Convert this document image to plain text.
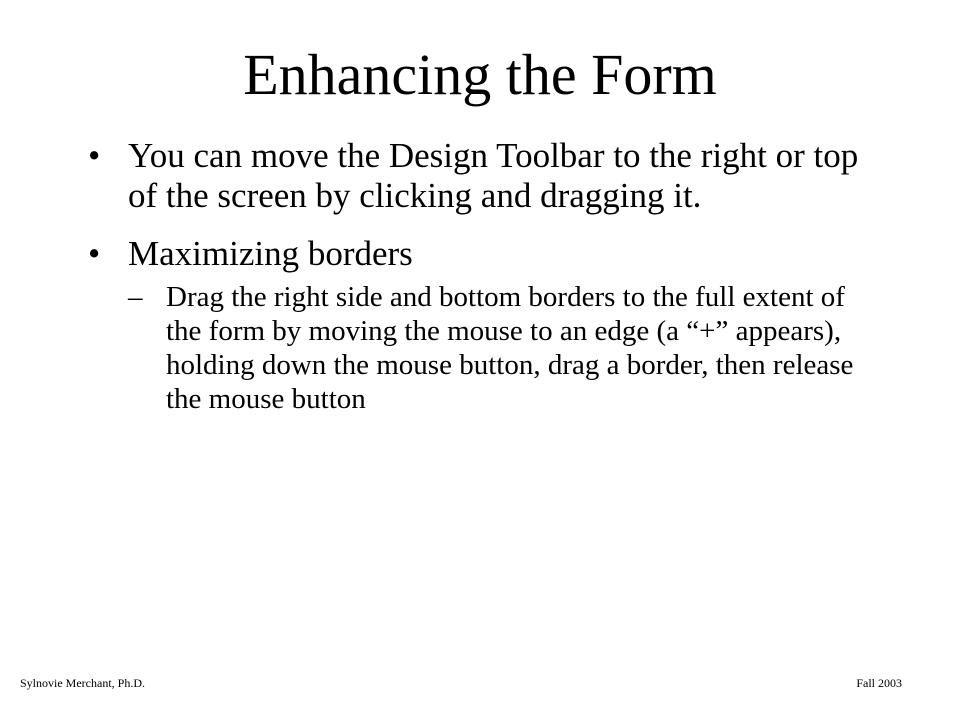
Enhancing the Form
• You can move the Design Toolbar to the right or top of the screen by clicking and dragging it.
• Maximizing borders
– Drag the right side and bottom borders to the full extent of the form by moving the mouse to an edge (a “+” appears), holding down the mouse button, drag a border, then release the mouse button
Sylnovie Merchant, Ph.D.	Fall 2003
